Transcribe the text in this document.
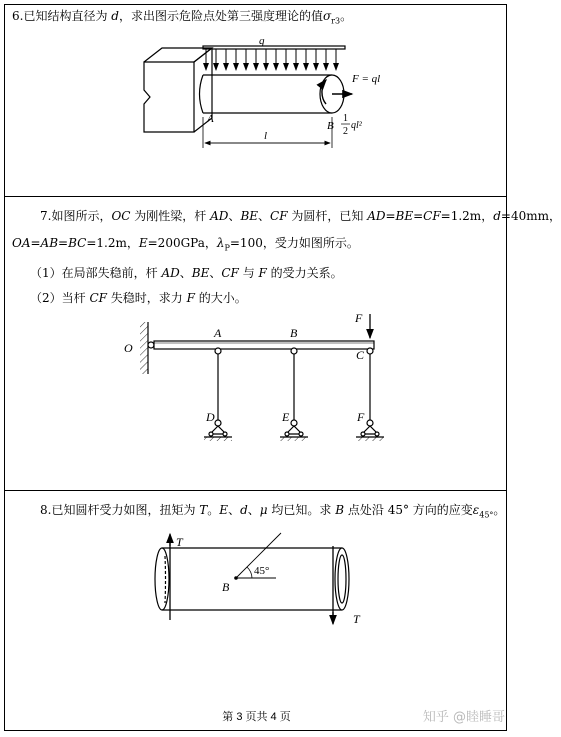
6.已知结构直径为 d，求出图示危险点处第三强度理论的值$\sigma_{r3}$。
7.如图所示，OC 为刚性梁，杆 AD、BE、CF 为圆杆，已知 AD=BE=CF=1.2m，d=40mm，
OA=AB=BC=1.2m，E=200GPa，$\lambda_P=100$，受力如图所示。
（1）在局部失稳前，杆 AD、BE、CF 与 F 的受力关系。
（2）当杆 CF 失稳时，求力 F 的大小。
8.已知圆杆受力如图，扭矩为 T。E、d、μ 均已知。求 B 点处沿 45° 方向的应变$\varepsilon_{45^\circ}$。
q
F = ql
A
B
1
2
ql²
l
O
A	B
C
F
D	E	F
T
T
B
45°
第 3 页共 4 页	知乎 @睦睡哥
